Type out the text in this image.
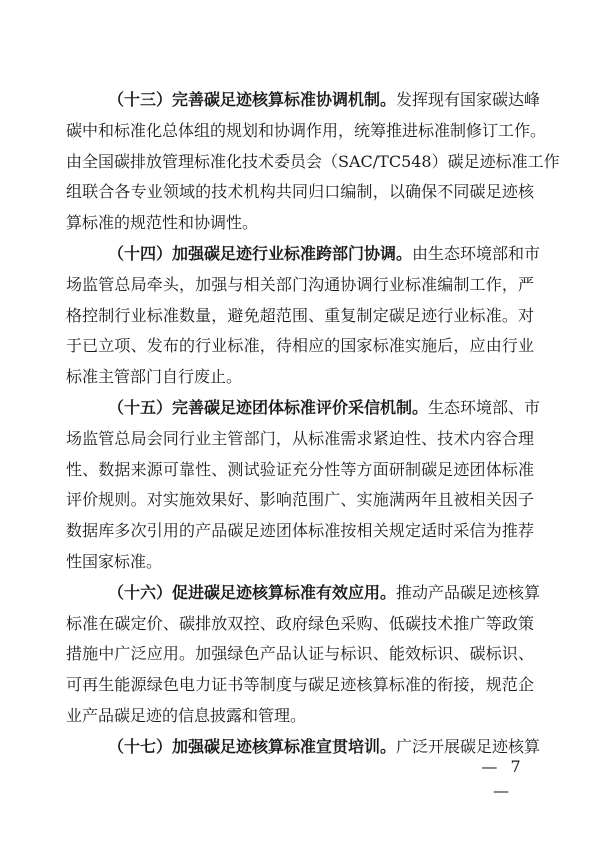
（十三）完善碳足迹核算标准协调机制。发挥现有国家碳达峰
碳中和标准化总体组的规划和协调作用，统筹推进标准制修订工作。
由全国碳排放管理标准化技术委员会（SAC/TC548）碳足迹标准工作
组联合各专业领域的技术机构共同归口编制，以确保不同碳足迹核
算标准的规范性和协调性。
（十四）加强碳足迹行业标准跨部门协调。由生态环境部和市
场监管总局牵头，加强与相关部门沟通协调行业标准编制工作，严
格控制行业标准数量，避免超范围、重复制定碳足迹行业标准。对
于已立项、发布的行业标准，待相应的国家标准实施后，应由行业
标准主管部门自行废止。
（十五）完善碳足迹团体标准评价采信机制。生态环境部、市
场监管总局会同行业主管部门，从标准需求紧迫性、技术内容合理
性、数据来源可靠性、测试验证充分性等方面研制碳足迹团体标准
评价规则。对实施效果好、影响范围广、实施满两年且被相关因子
数据库多次引用的产品碳足迹团体标准按相关规定适时采信为推荐
性国家标准。
（十六）促进碳足迹核算标准有效应用。推动产品碳足迹核算
标准在碳定价、碳排放双控、政府绿色采购、低碳技术推广等政策
措施中广泛应用。加强绿色产品认证与标识、能效标识、碳标识、
可再生能源绿色电力证书等制度与碳足迹核算标准的衔接，规范企
业产品碳足迹的信息披露和管理。
（十七）加强碳足迹核算标准宣贯培训。广泛开展碳足迹核算
— 7 —
